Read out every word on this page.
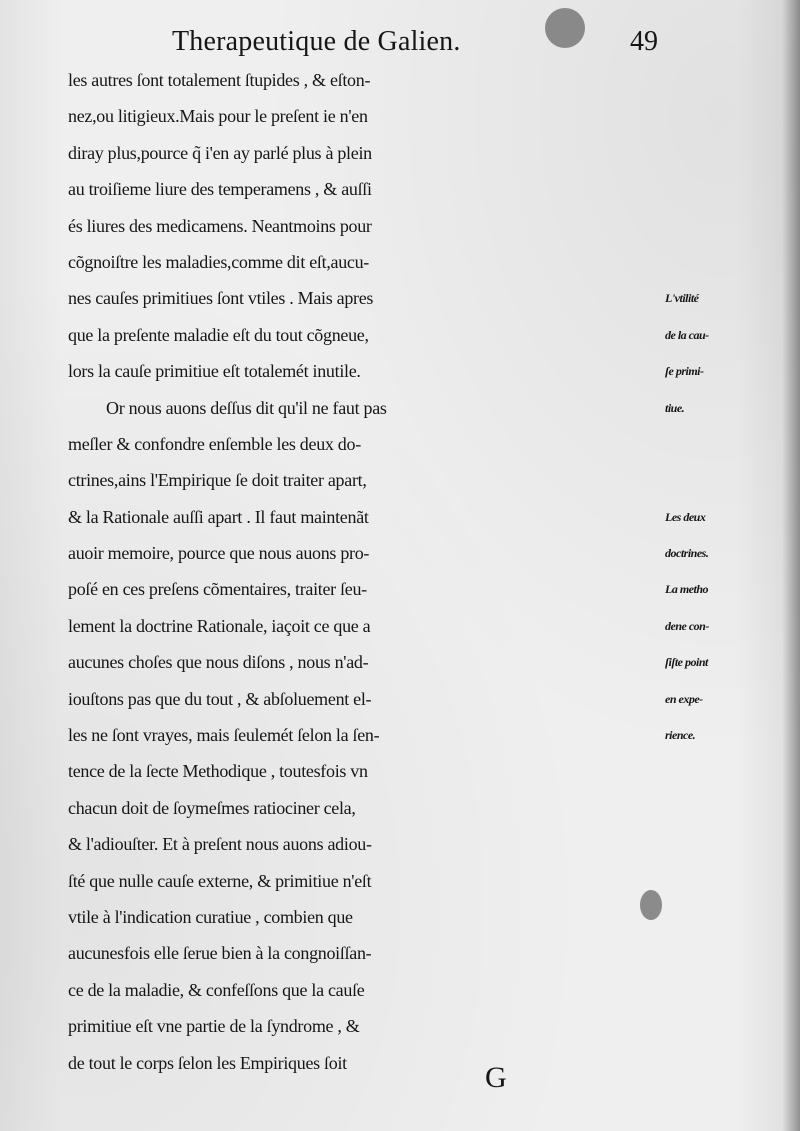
Therapeutique de Galien.	49
les autres ſont totalement ſtupides , & eſton-
nez,ou litigieux.Mais pour le preſent ie n'en
diray plus,pource q̃ i'en ay parlé plus à plein
au troiſieme liure des temperamens , & auſſi
és liures des medicamens. Neantmoins pour
cõgnoiſtre les maladies,comme dit eſt,aucu-
nes cauſes primitiues ſont vtiles . Mais apres
que la preſente maladie eſt du tout cõgneue,
lors la cauſe primitiue eſt totalemét inutile.
Or nous auons deſſus dit qu'il ne faut pas
meſler & confondre enſemble les deux do-
ctrines,ains l'Empirique ſe doit traiter apart,
& la Rationale auſſi apart . Il faut maintenãt
auoir memoire, pource que nous auons pro-
poſé en ces preſens cõmentaires, traiter ſeu-
lement la doctrine Rationale, iaçoit ce que a
aucunes choſes que nous diſons , nous n'ad-
iouſtons pas que du tout , & abſoluement el-
les ne ſont vrayes, mais ſeulemét ſelon la ſen-
tence de la ſecte Methodique , toutesfois vn
chacun doit de ſoymeſmes ratiociner cela,
& l'adiouſter. Et à preſent nous auons adiou-
ſté que nulle cauſe externe, & primitiue n'eſt
vtile à l'indication curatiue , combien que
aucunesfois elle ſerue bien à la congnoiſſan-
ce de la maladie, & confeſſons que la cauſe
primitiue eſt vne partie de la ſyndrome , &
de tout le corps ſelon les Empiriques ſoit
L'vtilité
de la cau-
ſe primi-
tiue.
Les deux
doctrines.
La metho
dene con-
ſiſte point
en expe-
rience.
G
